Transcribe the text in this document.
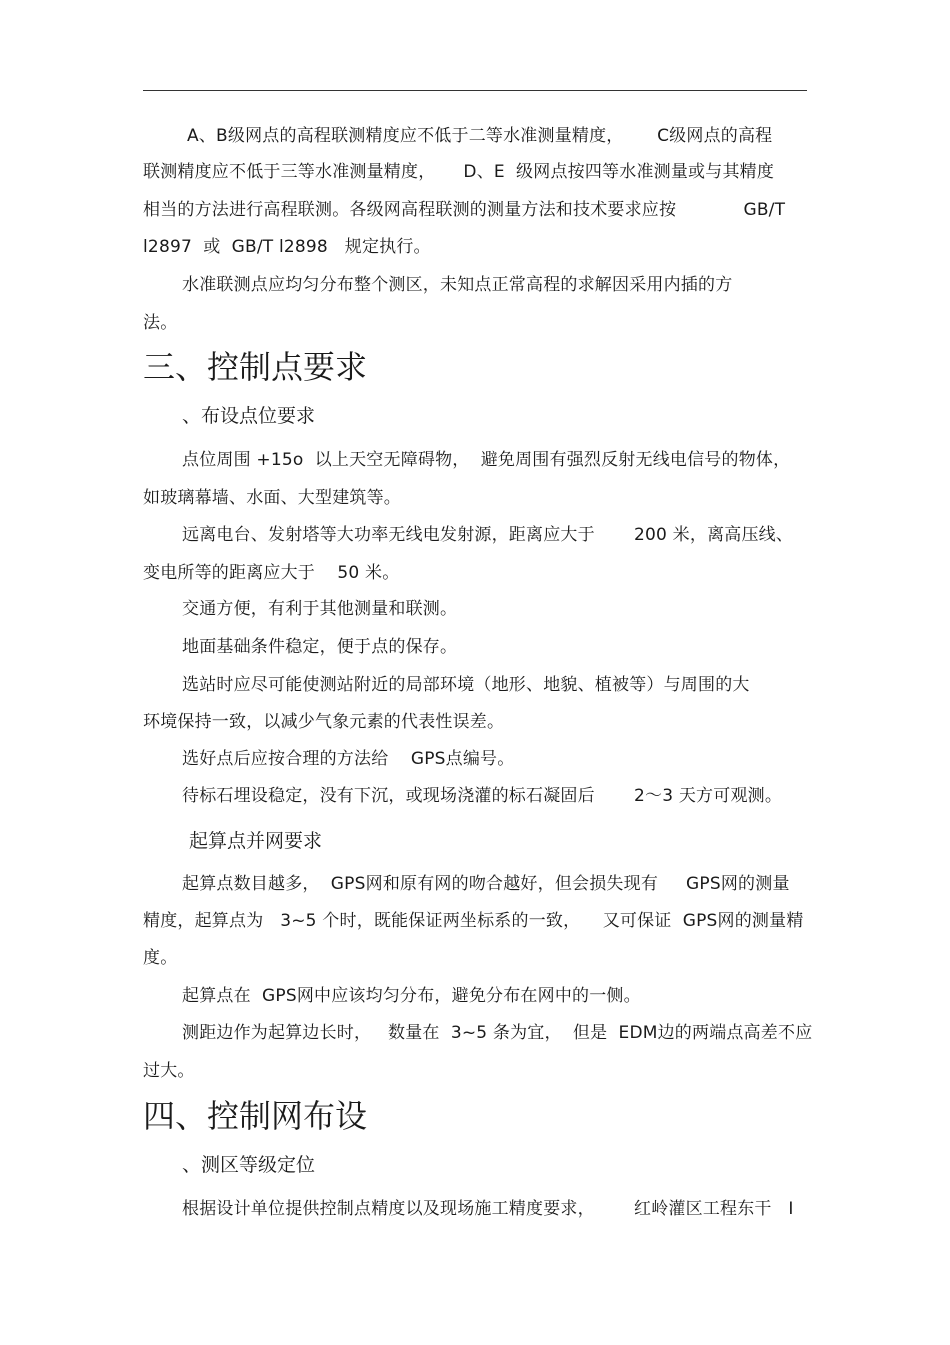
A、B级网点的高程联测精度应不低于二等水准测量精度，      C级网点的高程
联测精度应不低于三等水准测量精度，     D、E  级网点按四等水准测量或与其精度
相当的方法进行高程联测。各级网高程联测的测量方法和技术要求应按            GB∕T
l2897  或  GB∕T l2898   规定执行。
水准联测点应均匀分布整个测区，未知点正常高程的求解因采用内插的方
法。
三、控制点要求
、布设点位要求
点位周围 +15o  以上天空无障碍物，  避免周围有强烈反射无线电信号的物体，
如玻璃幕墙、水面、大型建筑等。
远离电台、发射塔等大功率无线电发射源，距离应大于       200 米，离高压线、
变电所等的距离应大于    50 米。
交通方便，有利于其他测量和联测。
地面基础条件稳定，便于点的保存。
选站时应尽可能使测站附近的局部环境（地形、地貌、植被等）与周围的大
环境保持一致，以减少气象元素的代表性误差。
选好点后应按合理的方法给    GPS点编号。
待标石埋设稳定，没有下沉，或现场浇灌的标石凝固后       2～3 天方可观测。
起算点并网要求
起算点数目越多，  GPS网和原有网的吻合越好，但会损失现有     GPS网的测量
精度，起算点为   3~5 个时，既能保证两坐标系的一致，    又可保证  GPS网的测量精
度。
起算点在  GPS网中应该均匀分布，避免分布在网中的一侧。
测距边作为起算边长时，   数量在  3~5 条为宜，  但是  EDM边的两端点高差不应
过大。
四、控制网布设
、测区等级定位
根据设计单位提供控制点精度以及现场施工精度要求，       红岭灌区工程东干   Ⅰ
